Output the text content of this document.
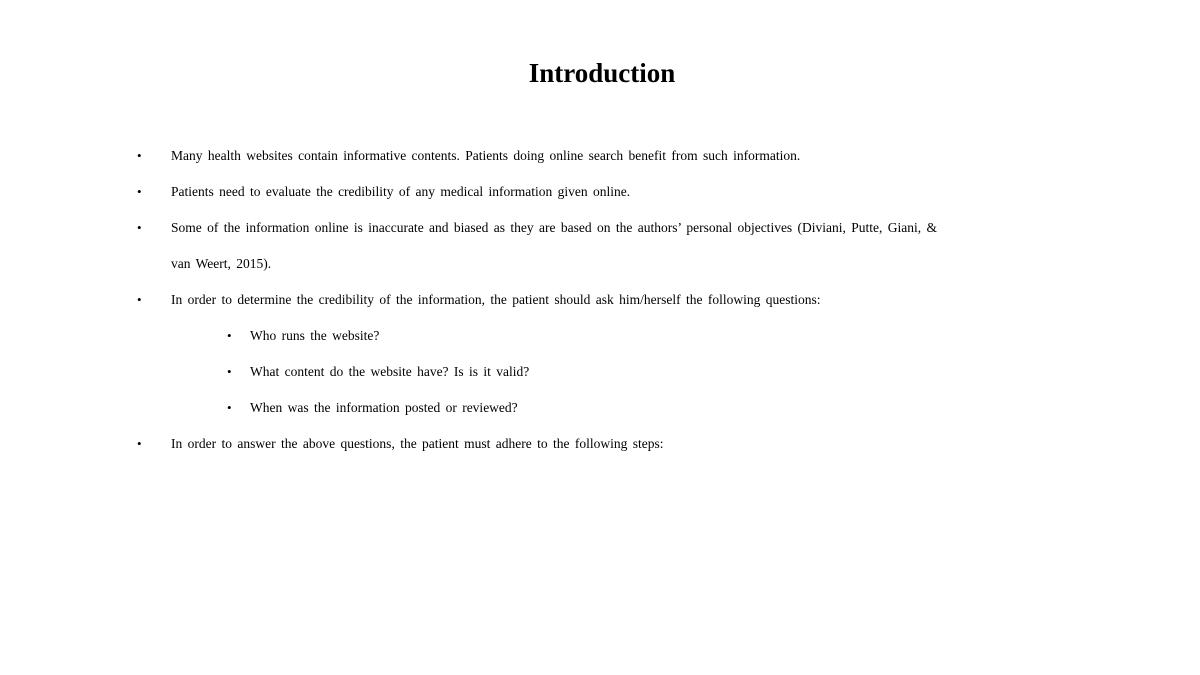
Introduction
• Many health websites contain informative contents. Patients doing online search benefit from such information.
• Patients need to evaluate the credibility of any medical information given online.
• Some of the information online is inaccurate and biased as they are based on the authors’ personal objectives (Diviani, Putte, Giani, &
van Weert, 2015).
• In order to determine the credibility of the information, the patient should ask him/herself the following questions:
• Who runs the website?
• What content do the website have? Is is it valid?
• When was the information posted or reviewed?
• In order to answer the above questions, the patient must adhere to the following steps:
